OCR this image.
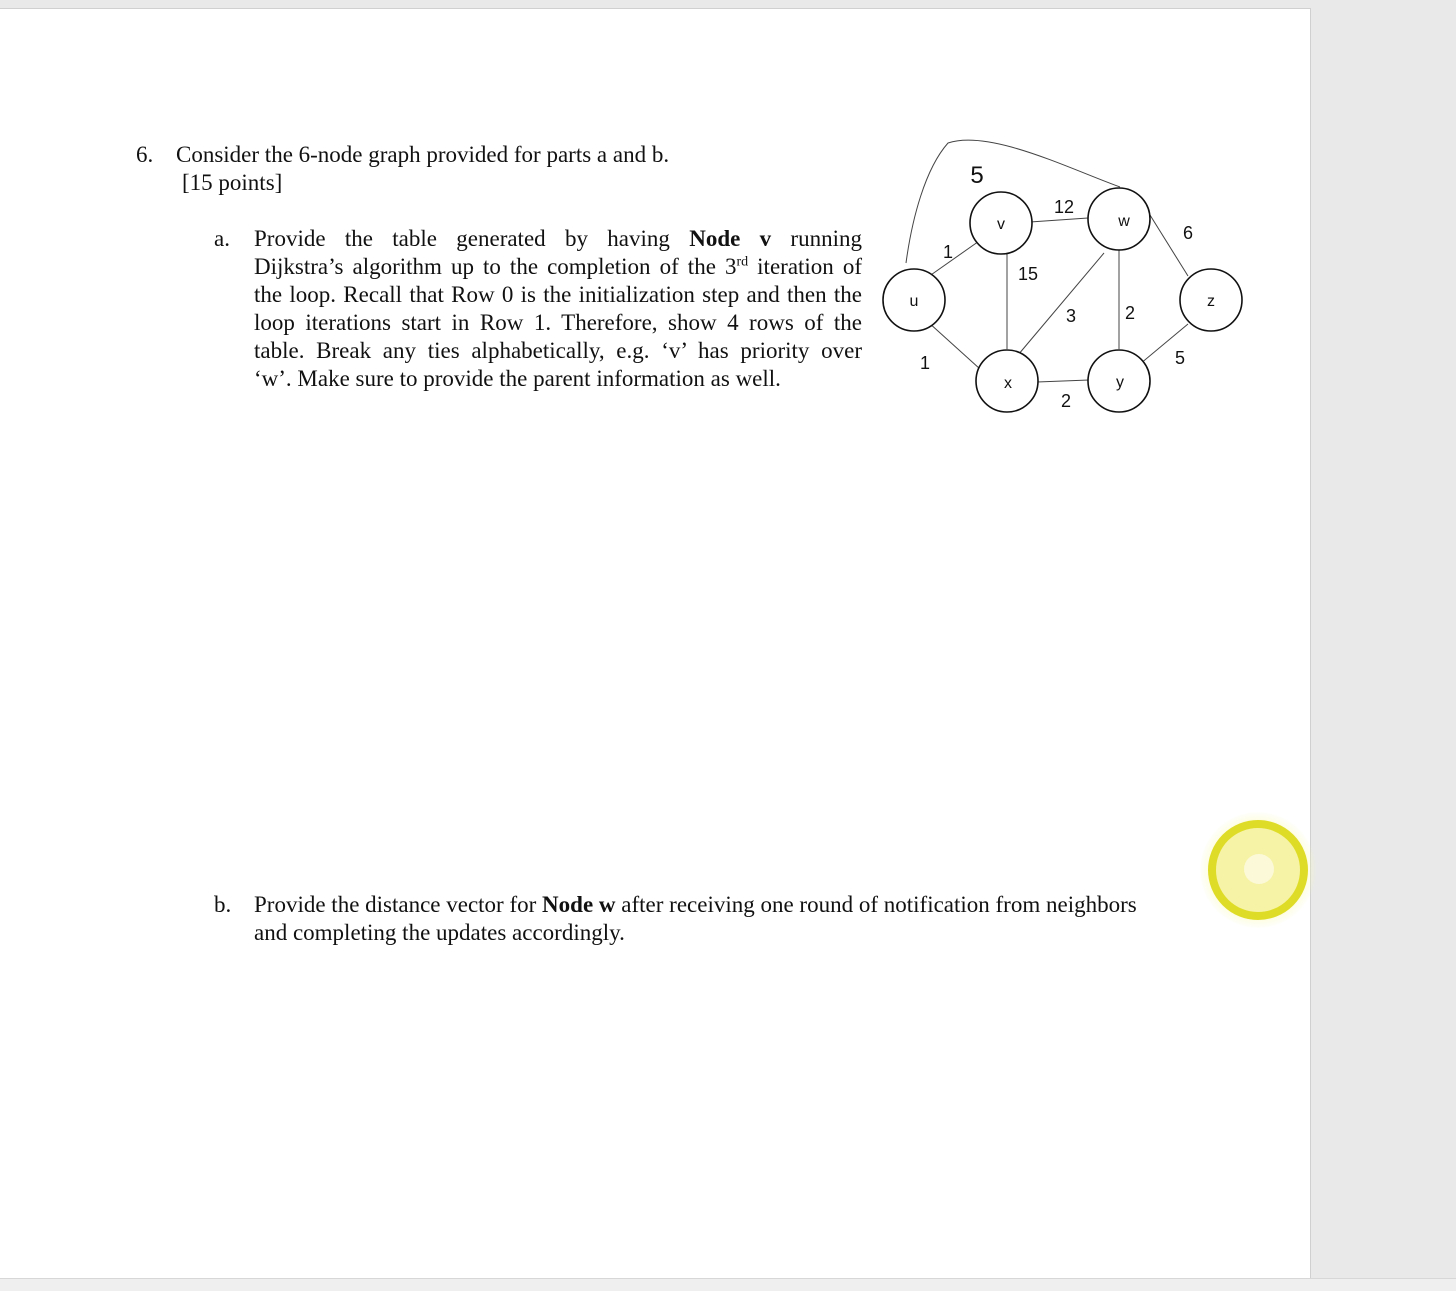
6. Consider the 6-node graph provided for parts a and b.
[15 points]
a. Provide the table generated by having Node v running
Dijkstra’s algorithm up to the completion of the 3rd iteration of
the loop. Recall that Row 0 is the initialization step and then the
loop iterations start in Row 1. Therefore, show 4 rows of the
table. Break any ties alphabetically, e.g. ‘v’ has priority over
‘w’. Make sure to provide the parent information as well.
u
v	w
x	y
z
5
1
1
12
15
3	2
2
6
5
b. Provide the distance vector for Node w after receiving one round of notification from neighbors
and completing the updates accordingly.
